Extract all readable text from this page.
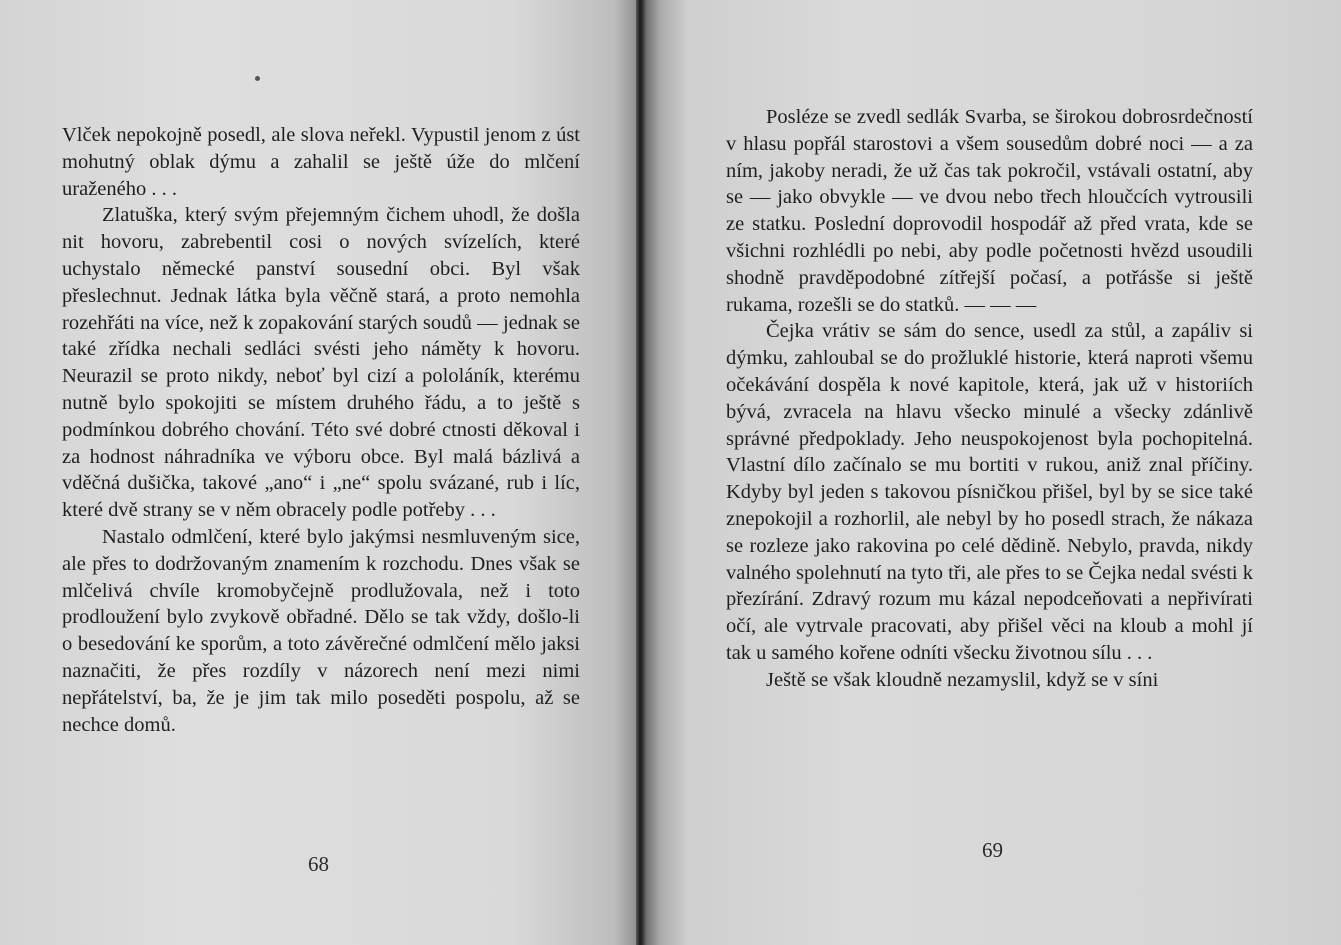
Vlček nepokojně posedl, ale slova neřekl. Vypustil jenom z úst mohutný oblak dýmu a zahalil se ještě úže do mlčení uraženého . . .

Zlatuška, který svým přejemným čichem uhodl, že došla nit hovoru, zabrebentil cosi o nových svízelích, které uchystalo německé panství sousední obci. Byl však přeslechnut. Jednak látka byla věčně stará, a proto nemohla rozehřáti na více, než k zopakování starých soudů — jednak se také zřídka nechali sedláci svésti jeho náměty k hovoru. Neurazil se proto nikdy, neboť byl cizí a pololáník, kterému nutně bylo spokojiti se místem druhého řádu, a to ještě s podmínkou dobrého chování. Této své dobré ctnosti děkoval i za hodnost náhradníka ve výboru obce. Byl malá bázlivá a vděčná dušička, takové „ano“ i „ne“ spolu svázané, rub i líc, které dvě strany se v něm obracely podle potřeby . . .

Nastalo odmlčení, které bylo jakýmsi nesmluveným sice, ale přes to dodržovaným znamením k rozchodu. Dnes však se mlčelivá chvíle kromobyčejně prodlužovala, než i toto prodloužení bylo zvykově obřadné. Dělo se tak vždy, došlo-li o besedování ke sporům, a toto závěrečné odmlčení mělo jaksi naznačiti, že přes rozdíly v názorech není mezi nimi nepřátelství, ba, že je jim tak milo poseděti pospolu, až se nechce domů.

68

Posléze se zvedl sedlák Svarba, se širokou dobrosrdečností v hlasu popřál starostovi a všem sousedům dobré noci — a za ním, jakoby neradi, že už čas tak pokročil, vstávali ostatní, aby se — jako obvykle — ve dvou nebo třech hloučcích vytrousili ze statku. Poslední doprovodil hospodář až před vrata, kde se všichni rozhlédli po nebi, aby podle početnosti hvězd usoudili shodně pravděpodobné zítřejší počasí, a potřásše si ještě rukama, rozešli se do statků. — — —

Čejka vrátiv se sám do sence, usedl za stůl, a zapáliv si dýmku, zahloubal se do prožluklé historie, která naproti všemu očekávání dospěla k nové kapitole, která, jak už v historiích bývá, zvracela na hlavu všecko minulé a všecky zdánlivě správné předpoklady. Jeho neuspokojenost byla pochopitelná. Vlastní dílo začínalo se mu bortiti v rukou, aniž znal příčiny. Kdyby byl jeden s takovou písničkou přišel, byl by se sice také znepokojil a rozhorlil, ale nebyl by ho posedl strach, že nákaza se rozleze jako rakovina po celé dědině. Nebylo, pravda, nikdy valného spolehnutí na tyto tři, ale přes to se Čejka nedal svésti k přezírání. Zdravý rozum mu kázal nepodceňovati a nepřivírati očí, ale vytrvale pracovati, aby přišel věci na kloub a mohl jí tak u samého kořene odníti všecku životnou sílu . . .

Ještě se však kloudně nezamyslil, když se v síni

69
